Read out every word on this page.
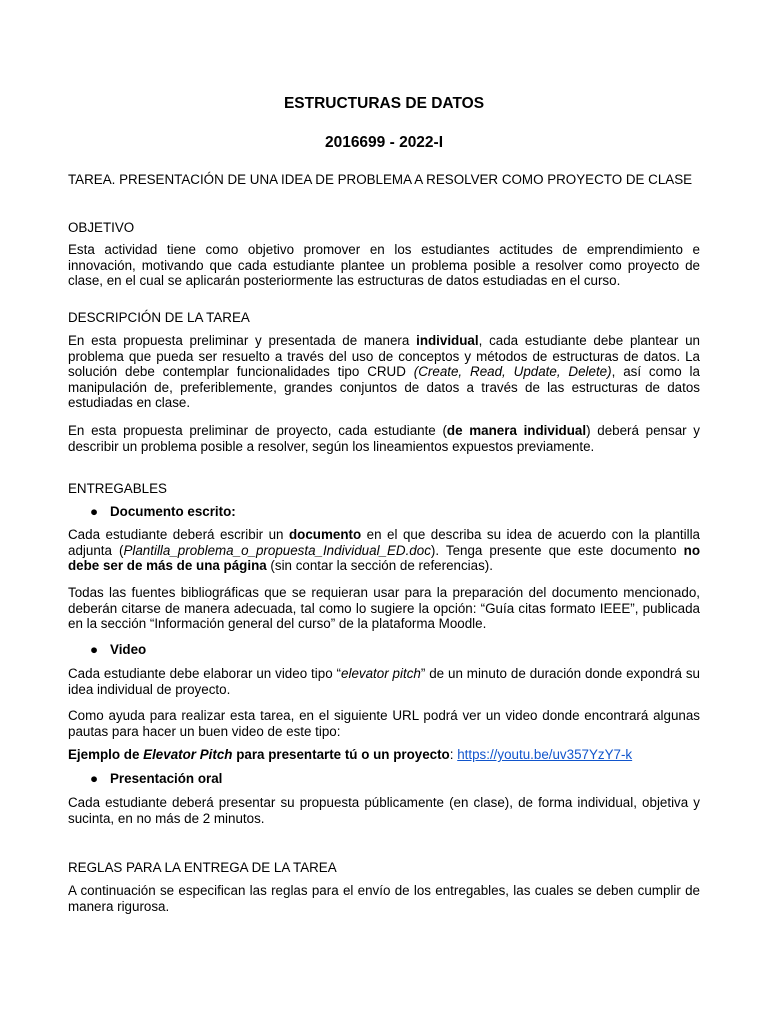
ESTRUCTURAS DE DATOS
2016699 - 2022-I

TAREA. PRESENTACIÓN DE UNA IDEA DE PROBLEMA A RESOLVER COMO PROYECTO DE CLASE

OBJETIVO

Esta actividad tiene como objetivo promover en los estudiantes actitudes de emprendimiento e innovación, motivando que cada estudiante plantee un problema posible a resolver como proyecto de clase, en el cual se aplicarán posteriormente las estructuras de datos estudiadas en el curso.

DESCRIPCIÓN DE LA TAREA

En esta propuesta preliminar y presentada de manera individual, cada estudiante debe plantear un problema que pueda ser resuelto a través del uso de conceptos y métodos de estructuras de datos. La solución debe contemplar funcionalidades tipo CRUD (Create, Read, Update, Delete), así como la manipulación de, preferiblemente, grandes conjuntos de datos a través de las estructuras de datos estudiadas en clase.

En esta propuesta preliminar de proyecto, cada estudiante (de manera individual) deberá pensar y describir un problema posible a resolver, según los lineamientos expuestos previamente.

ENTREGABLES

● Documento escrito:

Cada estudiante deberá escribir un documento en el que describa su idea de acuerdo con la plantilla adjunta (Plantilla_problema_o_propuesta_Individual_ED.doc). Tenga presente que este documento no debe ser de más de una página (sin contar la sección de referencias).

Todas las fuentes bibliográficas que se requieran usar para la preparación del documento mencionado, deberán citarse de manera adecuada, tal como lo sugiere la opción: “Guía citas formato IEEE”, publicada en la sección “Información general del curso” de la plataforma Moodle.

● Video

Cada estudiante debe elaborar un video tipo “elevator pitch” de un minuto de duración donde expondrá su idea individual de proyecto.

Como ayuda para realizar esta tarea, en el siguiente URL podrá ver un video donde encontrará algunas pautas para hacer un buen video de este tipo:

Ejemplo de Elevator Pitch para presentarte tú o un proyecto: https://youtu.be/uv357YzY7-k

● Presentación oral

Cada estudiante deberá presentar su propuesta públicamente (en clase), de forma individual, objetiva y sucinta, en no más de 2 minutos.

REGLAS PARA LA ENTREGA DE LA TAREA

A continuación se especifican las reglas para el envío de los entregables, las cuales se deben cumplir de manera rigurosa.
